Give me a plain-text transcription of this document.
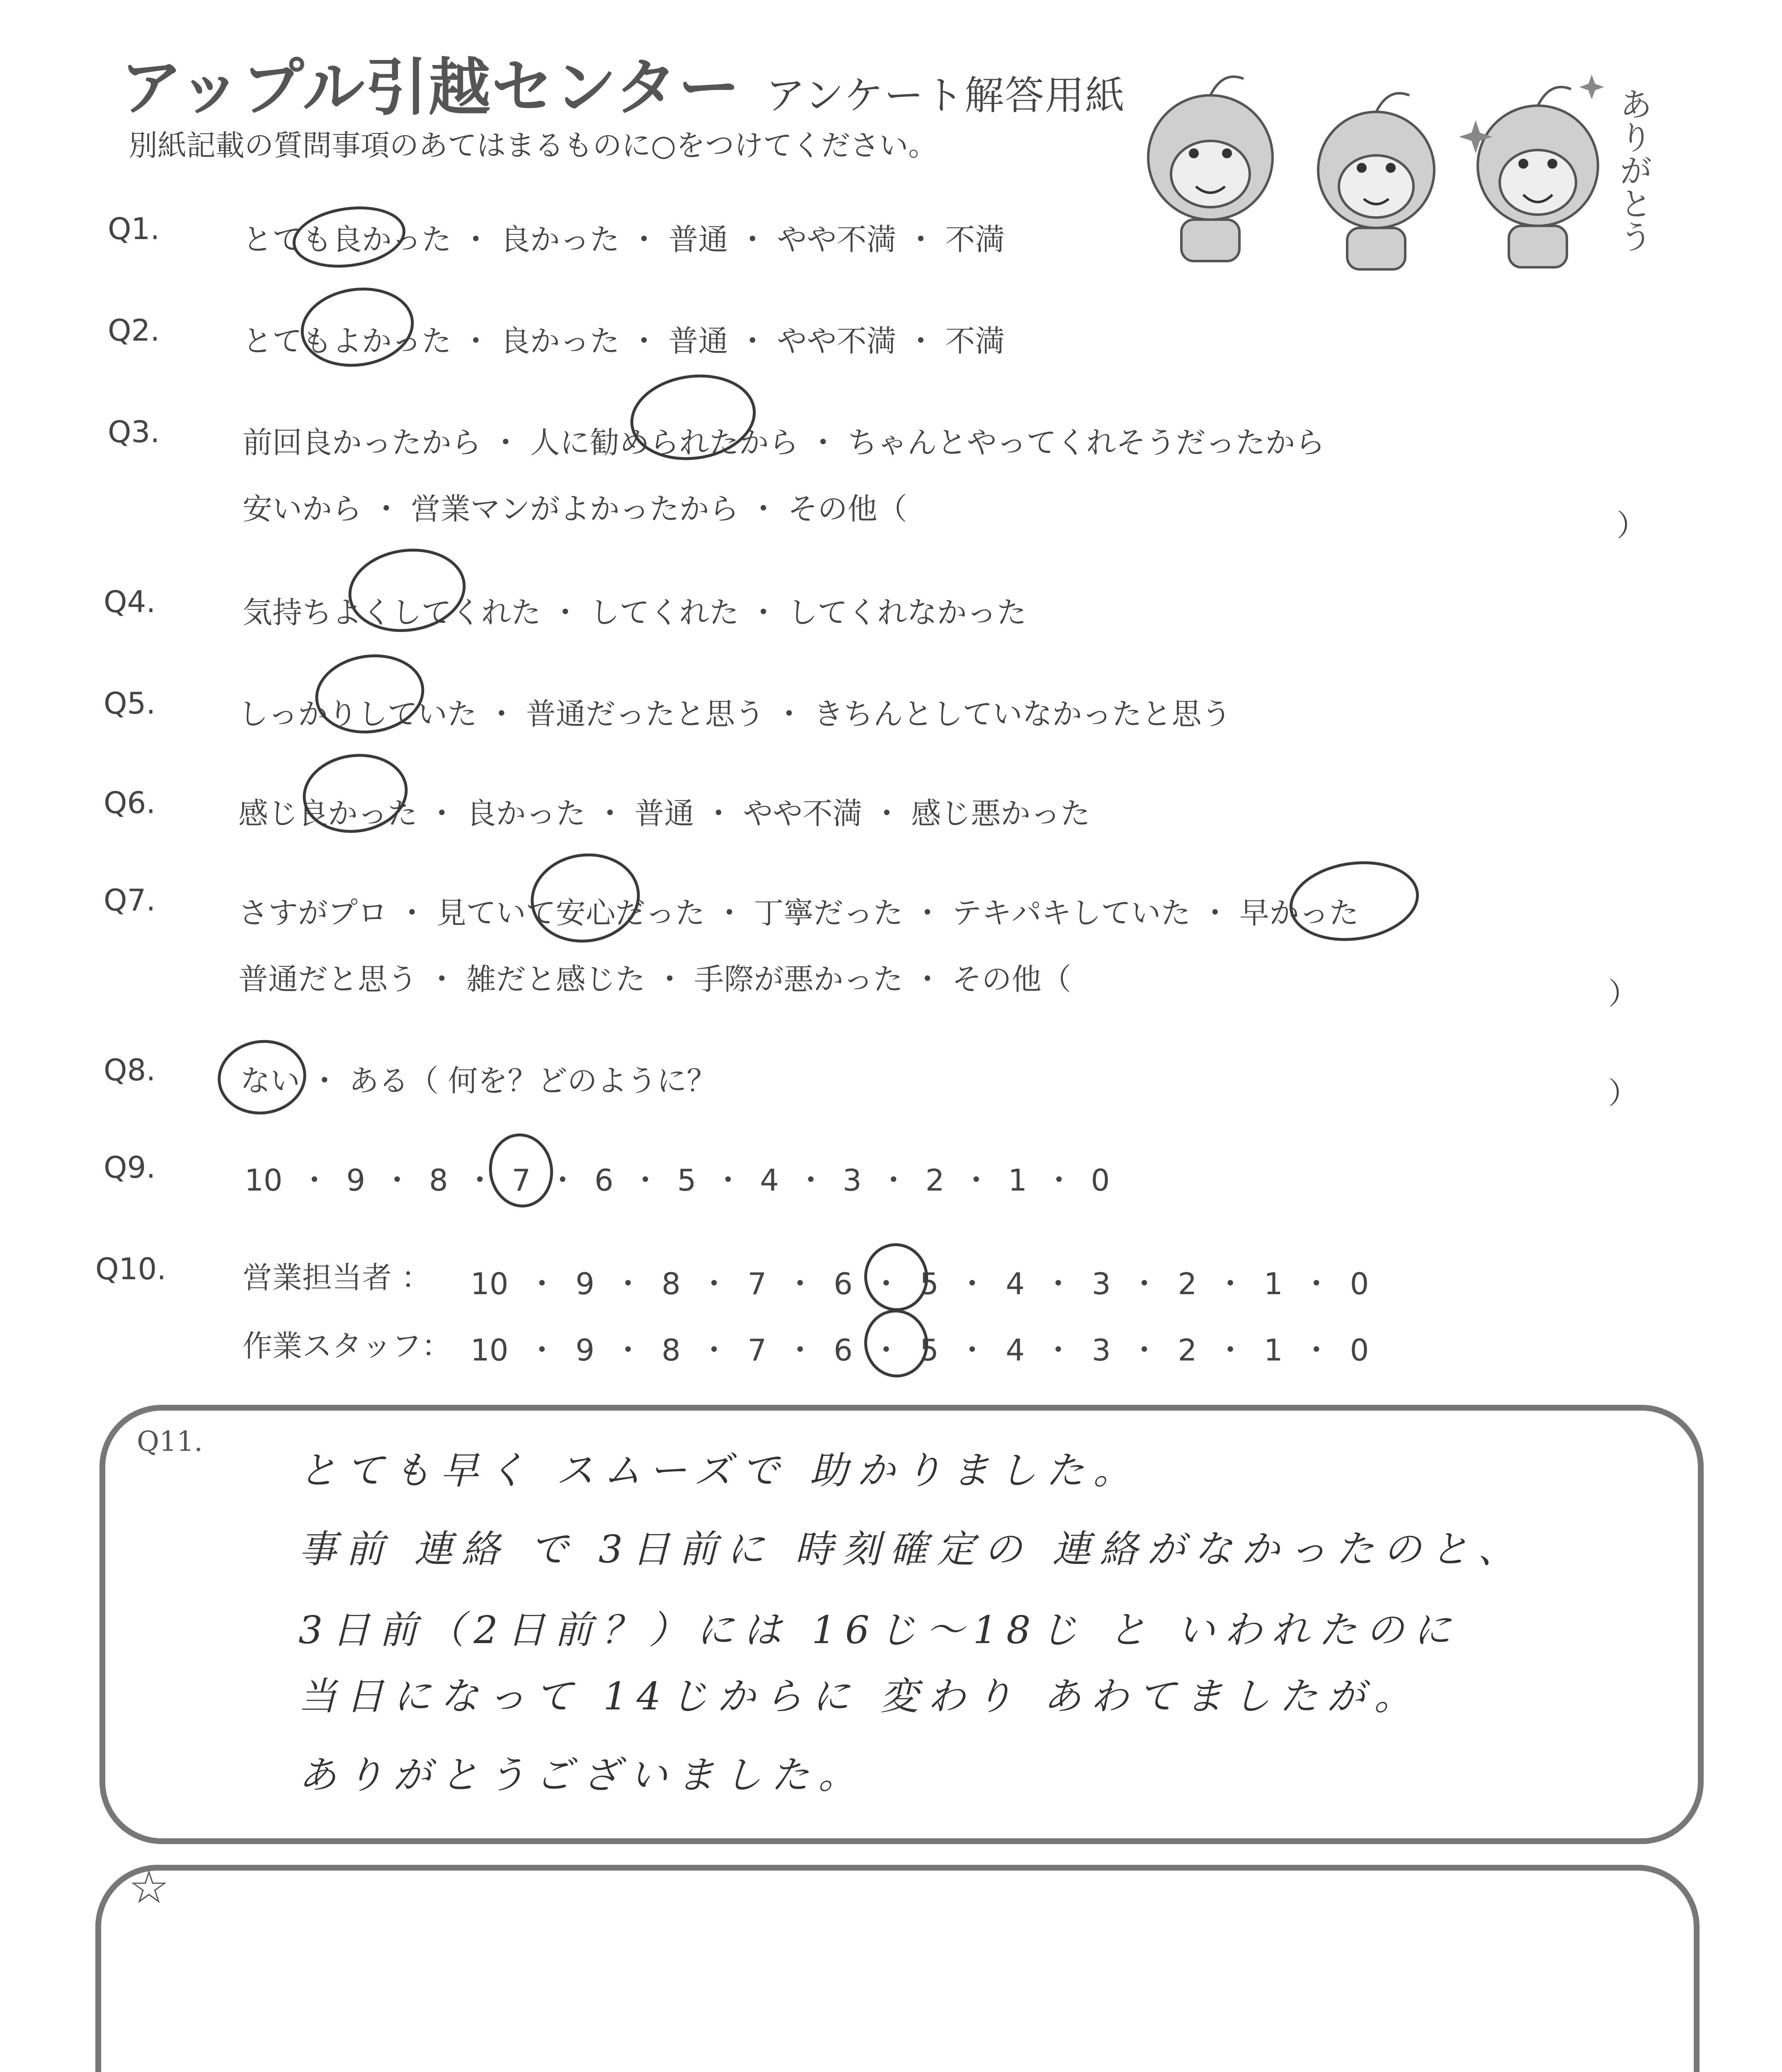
アップル引越センター アンケート解答用紙
別紙記載の質問事項のあてはまるものに○をつけてください。	ありがとう
Q1.	とても良かった ・ 良かった ・ 普通 ・ やや不満 ・ 不満
Q2.	とてもよかった ・ 良かった ・ 普通 ・ やや不満 ・ 不満
Q3.	前回良かったから ・ 人に勧められたから ・ ちゃんとやってくれそうだったから
安いから ・ 営業マンがよかったから ・ その他（	）
Q4.	気持ちよくしてくれた ・ してくれた ・ してくれなかった
Q5.	しっかりしていた ・ 普通だったと思う ・ きちんとしていなかったと思う
Q6.	感じ良かった ・ 良かった ・ 普通 ・ やや不満 ・ 感じ悪かった
Q7.	さすがプロ ・ 見ていて安心だった ・ 丁寧だった ・ テキパキしていた ・ 早かった
普通だと思う ・ 雑だと感じた ・ 手際が悪かった ・ その他（	）
Q8.	ない ・ ある（ 何を？どのように？	）
Q9.	10 ・ 9 ・ 8 ・ 7 ・ 6 ・ 5 ・ 4 ・ 3 ・ 2 ・ 1 ・ 0
Q10.	営業担当者 ： 10 ・ 9 ・ 8 ・ 7 ・ 6 ・ 5 ・ 4 ・ 3 ・ 2 ・ 1 ・ 0
作業スタッフ： 10 ・ 9 ・ 8 ・ 7 ・ 6 ・ 5 ・ 4 ・ 3 ・ 2 ・ 1 ・ 0
Q11.
とても早く スムーズで 助かりました。
事前 連絡 で 3日前に 時刻確定の 連絡がなかったのと、
3日前（2日前？）には 16じ〜18じ と いわれたのに
当日になって 14じからに 変わり あわてましたが。
ありがとうございました。
☆
